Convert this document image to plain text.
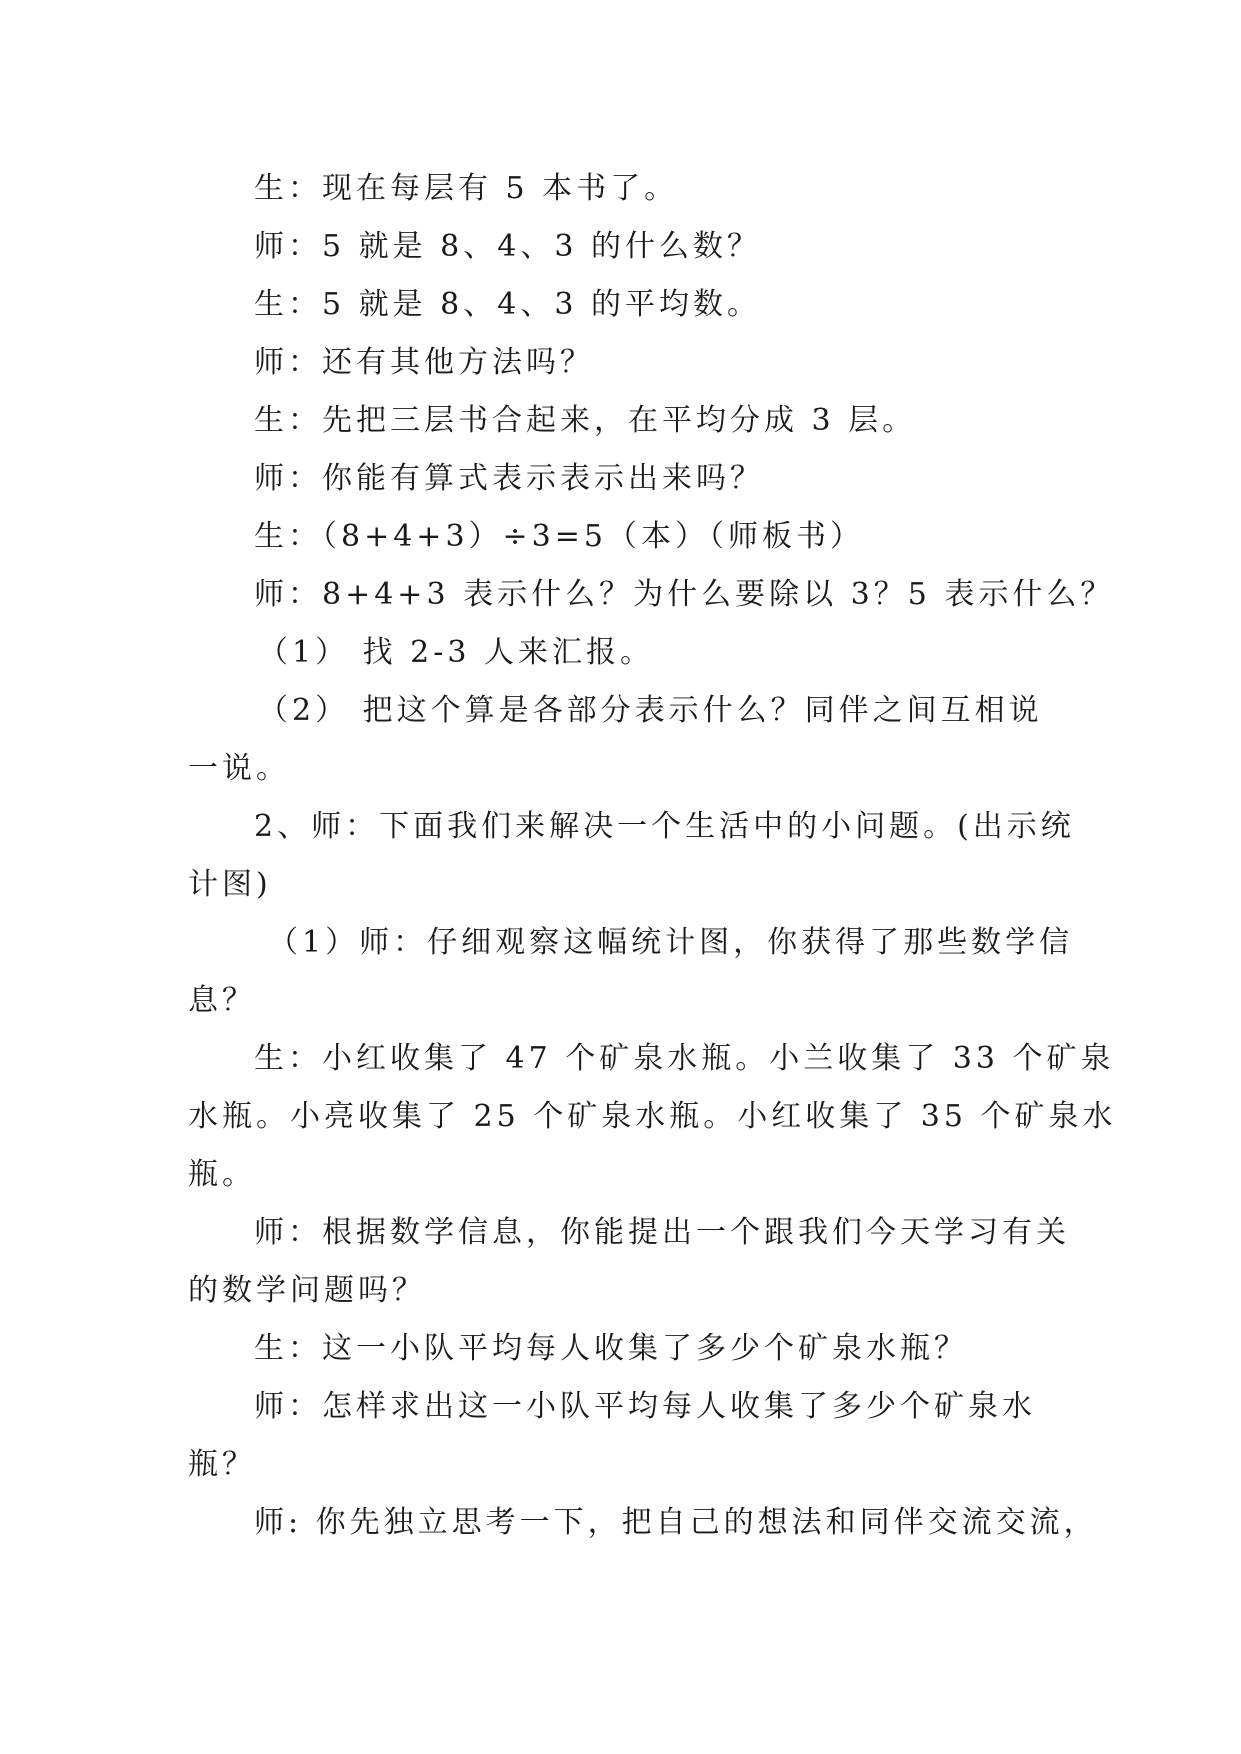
生：现在每层有 5 本书了。

师：5 就是 8、4、3 的什么数？

生：5 就是 8、4、3 的平均数。

师：还有其他方法吗？

生：先把三层书合起来，在平均分成 3 层。

师：你能有算式表示表示出来吗？

生：（8+4+3）÷3=5（本）（师板书）

师：8+4+3 表示什么？为什么要除以 3？5 表示什么？

（1） 找 2-3 人来汇报。

（2） 把这个算是各部分表示什么？同伴之间互相说
一说。

2、师：下面我们来解决一个生活中的小问题。(出示统
计图)

（1）师：仔细观察这幅统计图，你获得了那些数学信
息？

生：小红收集了 47 个矿泉水瓶。小兰收集了 33 个矿泉
水瓶。小亮收集了 25 个矿泉水瓶。小红收集了 35 个矿泉水
瓶。

师：根据数学信息，你能提出一个跟我们今天学习有关
的数学问题吗？

生：这一小队平均每人收集了多少个矿泉水瓶？

师：怎样求出这一小队平均每人收集了多少个矿泉水
瓶？

师: 你先独立思考一下，把自己的想法和同伴交流交流，
